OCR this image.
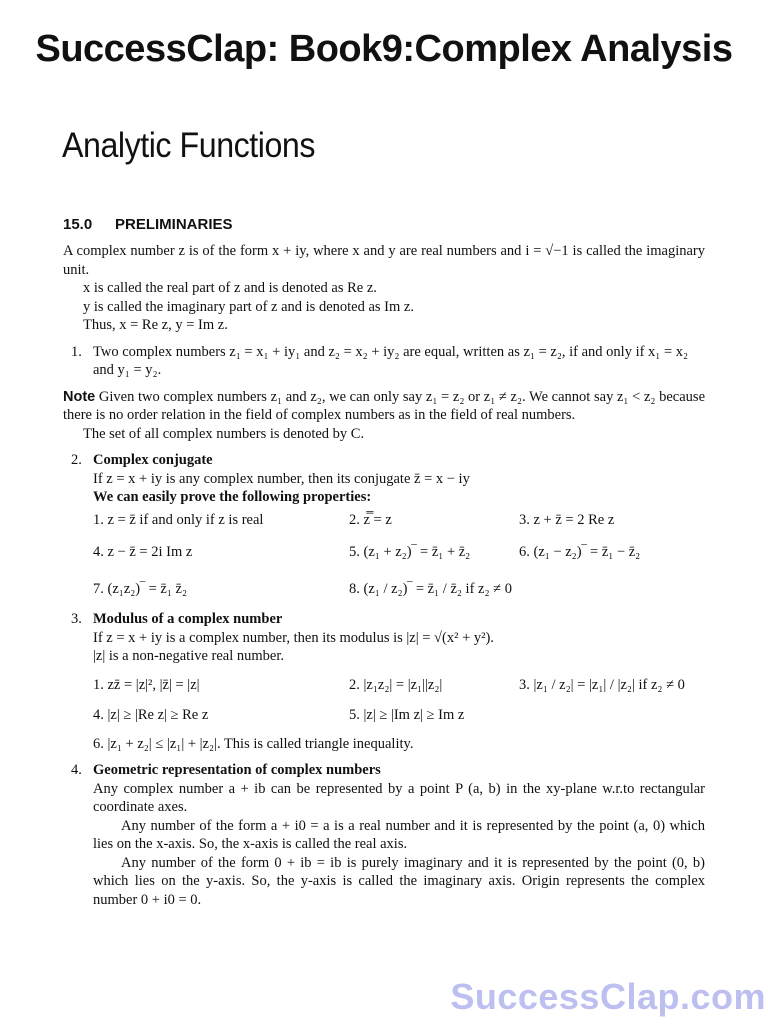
SuccessClap: Book9:Complex Analysis
Analytic Functions
15.0 PRELIMINARIES

A complex number z is of the form x + iy, where x and y are real numbers and i = √−1 is called the imaginary unit.

x is called the real part of z and is denoted as Re z.

y is called the imaginary part of z and is denoted as Im z.

Thus, x = Re z, y = Im z.

1. Two complex numbers z₁ = x₁ + iy₁ and z₂ = x₂ + iy₂ are equal, written as z₁ = z₂, if and only if x₁ = x₂ and y₁ = y₂.

Note Given two complex numbers z₁ and z₂, we can only say z₁ = z₂ or z₁ ≠ z₂. We cannot say z₁ < z₂ because there is no order relation in the field of complex numbers as in the field of real numbers.

The set of all complex numbers is denoted by C.

2. Complex conjugate

If z = x + iy is any complex number, then its conjugate z̄ = x − iy

We can easily prove the following properties:
1. z = z̄ if and only if z is real	2. z̿ = z	3. z + z̄ = 2 Re z
4. z − z̄ = 2i Im z	5. (z₁ + z₂)‾ = z̄₁ + z̄₂	6. (z₁ − z₂)‾ = z̄₁ − z̄₂
7. (z₁z₂)‾ = z̄₁ z̄₂	8. (z₁ / z₂)‾ = z̄₁ / z̄₂ if z₂ ≠ 0
3. Modulus of a complex number

If z = x + iy is a complex number, then its modulus is |z| = √(x² + y²).

|z| is a non-negative real number.

1. zz̄ = |z|², |z̄| = |z|	2. |z₁z₂| = |z₁||z₂|	3. |z₁ / z₂| = |z₁| / |z₂| if z₂ ≠ 0
4. |z| ≥ |Re z| ≥ Re z	5. |z| ≥ |Im z| ≥ Im z

6. |z₁ + z₂| ≤ |z₁| + |z₂|. This is called triangle inequality.

4. Geometric representation of complex numbers

Any complex number a + ib can be represented by a point P (a, b) in the xy-plane w.r.to rectangular coordinate axes.

Any number of the form a + i0 = a is a real number and it is represented by the point (a, 0) which lies on the x-axis. So, the x-axis is called the real axis.

Any number of the form 0 + ib = ib is purely imaginary and it is represented by the point (0, b) which lies on the y-axis. So, the y-axis is called the imaginary axis. Origin represents the complex number 0 + i0 = 0.

SuccessClap.com
